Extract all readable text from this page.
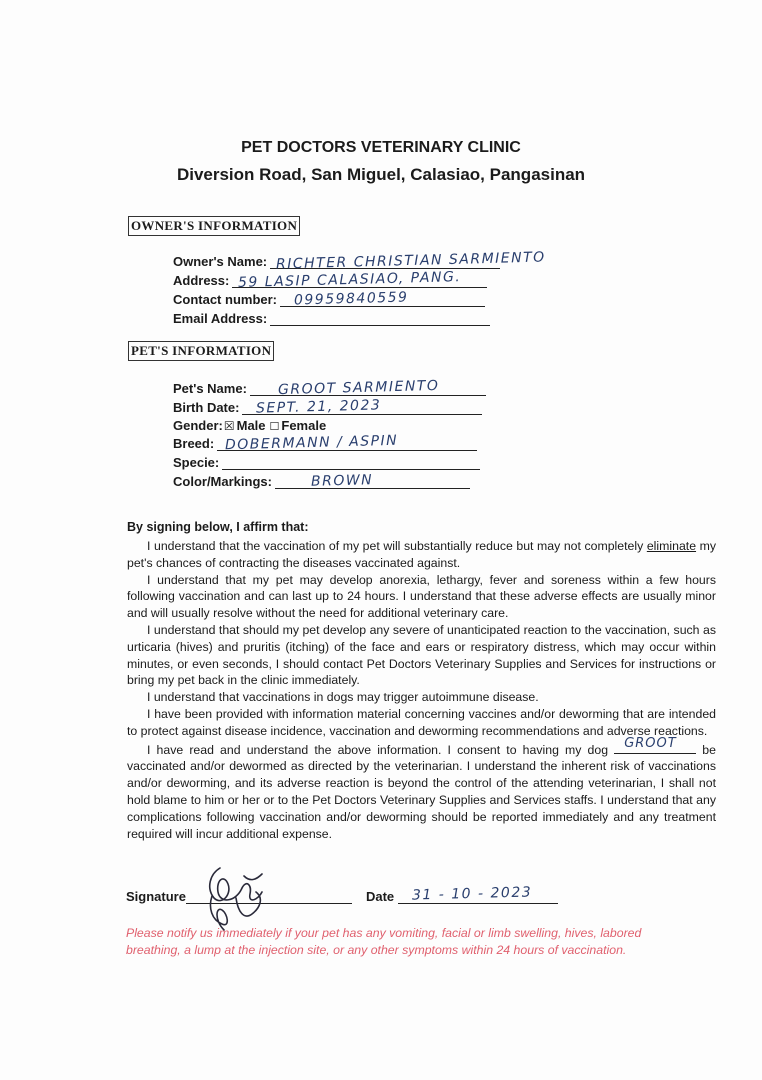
PET DOCTORS VETERINARY CLINIC
Diversion Road, San Miguel, Calasiao, Pangasinan
OWNER'S INFORMATION
Owner's Name: RICHTER CHRISTIAN SARMIENTO
Address: 59 LASIP CALASIAO, PANG.
Contact number: 09959840559
Email Address:
PET'S INFORMATION
Pet's Name: GROOT SARMIENTO
Birth Date: SEPT. 21, 2023
Gender: ☒ Male ☐ Female
Breed: DOBERMANN / ASPIN
Specie:
Color/Markings:	BROWN
By signing below, I affirm that:

I understand that the vaccination of my pet will substantially reduce but may not completely eliminate my pet's chances of contracting the diseases vaccinated against.

I understand that my pet may develop anorexia, lethargy, fever and soreness within a few hours following vaccination and can last up to 24 hours. I understand that these adverse effects are usually minor and will usually resolve without the need for additional veterinary care.

I understand that should my pet develop any severe of unanticipated reaction to the vaccination, such as urticaria (hives) and pruritis (itching) of the face and ears or respiratory distress, which may occur within minutes, or even seconds, I should contact Pet Doctors Veterinary Supplies and Services for instructions or bring my pet back in the clinic immediately.

I understand that vaccinations in dogs may trigger autoimmune disease.

I have been provided with information material concerning vaccines and/or deworming that are intended to protect against disease incidence, vaccination and deworming recommendations and adverse reactions.

I have read and understand the above information. I consent to having my dog GROOT be vaccinated and/or dewormed as directed by the veterinarian. I understand the inherent risk of vaccinations and/or deworming, and its adverse reaction is beyond the control of the attending veterinarian, I shall not hold blame to him or her or to the Pet Doctors Veterinary Supplies and Services staffs. I understand that any complications following vaccination and/or deworming should be reported immediately and any treatment required will incur additional expense.

Signature	Date 31 - 10 - 2023
Please notify us immediately if your pet has any vomiting, facial or limb swelling, hives, labored breathing, a lump at the injection site, or any other symptoms within 24 hours of vaccination.
